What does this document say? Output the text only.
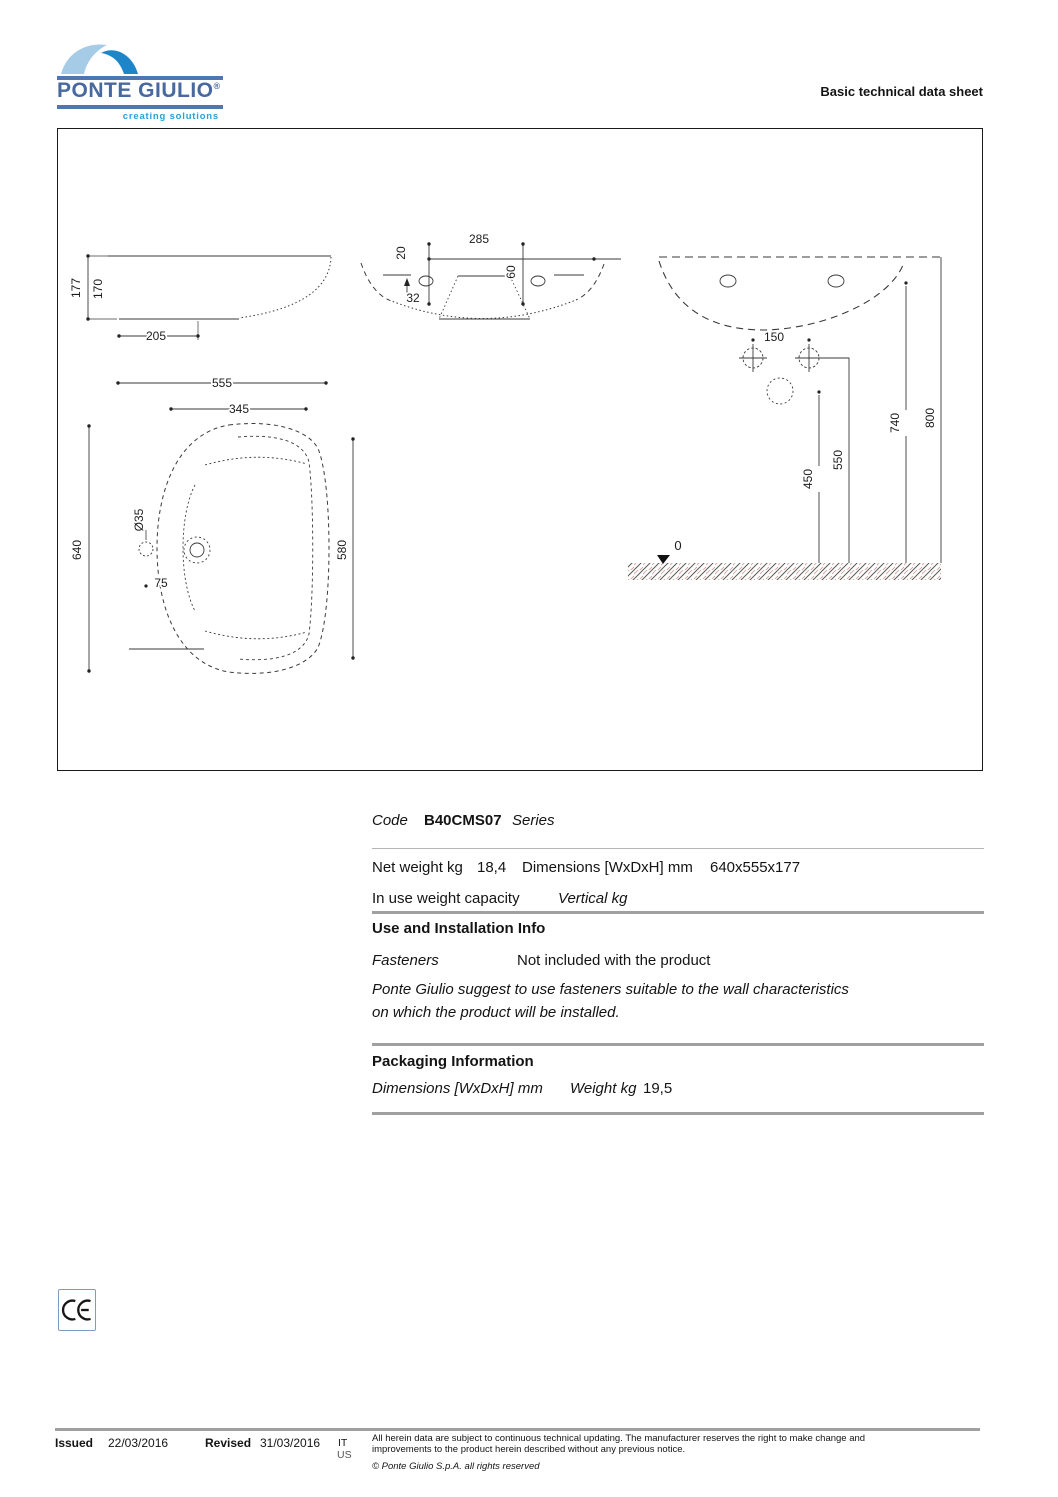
PONTE GIULIO®
creating solutions
Basic technical data sheet
177 170
205
285
20
32
60
0
150
450
550
740 800
555
345
640	580
Ø35
75
Code B40CMS07 Series
Net weight kg 18,4 Dimensions [WxDxH] mm 640x555x177
In use weight capacity	Vertical kg
Use and Installation Info
Fasteners	Not included with the product
Ponte Giulio suggest to use fasteners suitable to the wall characteristics
on which the product will be installed.
Packaging Information
Dimensions [WxDxH] mm Weight kg 19,5
Issued 22/03/2016	Revised 31/03/2016 IT
US
All herein data are subject to continuous technical updating. The manufacturer reserves the right to make change and
improvements to the product herein described without any previous notice.
© Ponte Giulio S.p.A. all rights reserved
